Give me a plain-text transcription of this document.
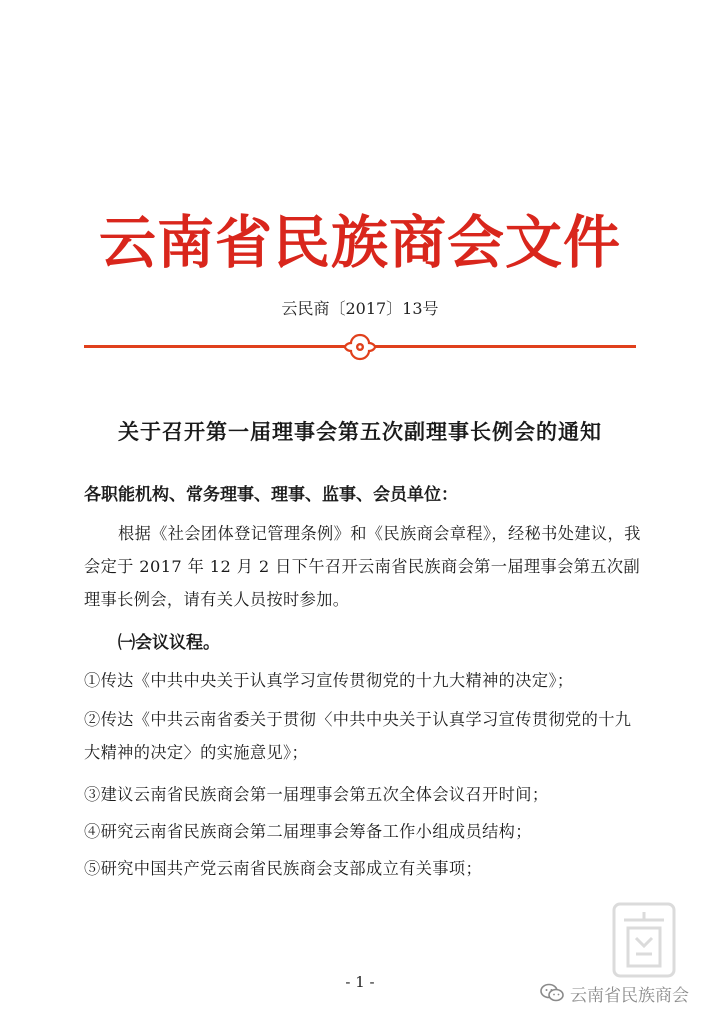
云南省民族商会文件
云民商〔2017〕13号
关于召开第一届理事会第五次副理事长例会的通知
各职能机构、常务理事、理事、监事、会员单位：

根据《社会团体登记管理条例》和《民族商会章程》，经秘书处建议，我会定于 2017 年 12 月 2 日下午召开云南省民族商会第一届理事会第五次副理事长例会，请有关人员按时参加。

㈠会议议程。

①传达《中共中央关于认真学习宣传贯彻党的十九大精神的决定》；

②传达《中共云南省委关于贯彻〈中共中央关于认真学习宣传贯彻党的十九大精神的决定〉的实施意见》；

③建议云南省民族商会第一届理事会第五次全体会议召开时间；

④研究云南省民族商会第二届理事会筹备工作小组成员结构；

⑤研究中国共产党云南省民族商会支部成立有关事项；

- 1 -
云南省民族商会
